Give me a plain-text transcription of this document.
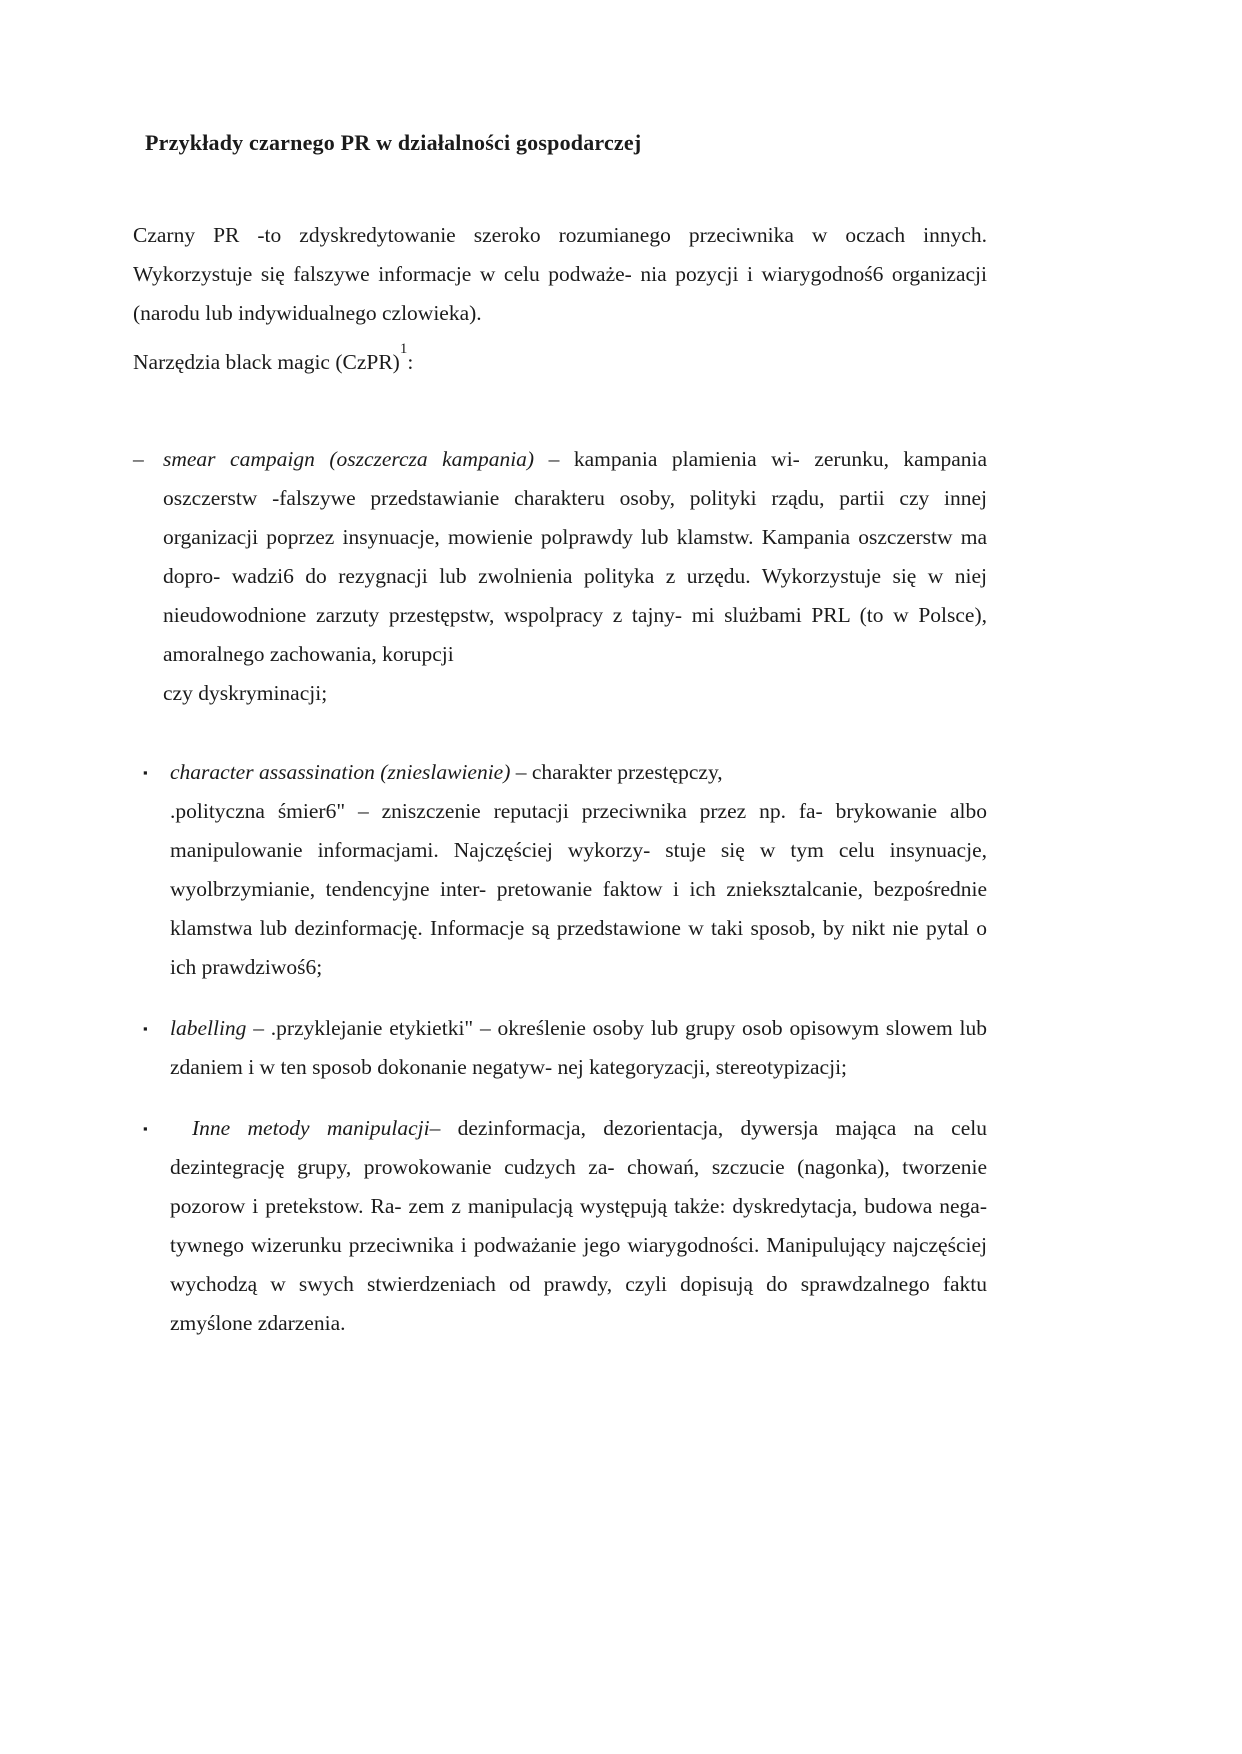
Przykłady czarnego PR w działalności gospodarczej

Czarny PR -to zdyskredytowanie szeroko rozumianego przeciwnika w oczach innych. Wykorzystuje się falszywe informacje w celu podważe- nia pozycji i wiarygodnoś6 organizacji (narodu lub indywidualnego czlowieka).

Narzędzia black magic (CzPR)$^1$:

– smear campaign (oszczercza kampania) – kampania plamienia wi- zerunku, kampania oszczerstw -falszywe przedstawianie charakteru osoby, polityki rządu, partii czy innej organizacji poprzez insynuacje, mowienie polprawdy lub klamstw. Kampania oszczerstw ma dopro- wadzi6 do rezygnacji lub zwolnienia polityka z urzędu. Wykorzystuje się w niej nieudowodnione zarzuty przestępstw, wspolpracy z tajny- mi slużbami PRL (to w Polsce), amoralnego zachowania, korupcji

czy dyskryminacji;

▪	character assassination (znieslawienie) – charakter przestępczy,

.polityczna śmier6" – zniszczenie reputacji przeciwnika przez np. fa- brykowanie albo manipulowanie informacjami. Najczęściej wykorzy- stuje się w tym celu insynuacje, wyolbrzymianie, tendencyjne inter- pretowanie faktow i ich znieksztalcanie, bezpośrednie klamstwa lub dezinformację. Informacje są przedstawione w taki sposob, by nikt nie pytal o ich prawdziwoś6;

▪	labelling – .przyklejanie etykietki" – określenie osoby lub grupy osob opisowym slowem lub zdaniem i w ten sposob dokonanie negatyw- nej kategoryzacji, stereotypizacji;

▪	Inne metody manipulacji– dezinformacja, dezorientacja, dywersja mająca na celu dezintegrację grupy, prowokowanie cudzych za- chowań, szczucie (nagonka), tworzenie pozorow i pretekstow. Ra- zem z manipulacją występują także: dyskredytacja, budowa nega- tywnego wizerunku przeciwnika i podważanie jego wiarygodności. Manipulujący najczęściej wychodzą w swych stwierdzeniach od prawdy, czyli dopisują do sprawdzalnego faktu zmyślone zdarzenia.
